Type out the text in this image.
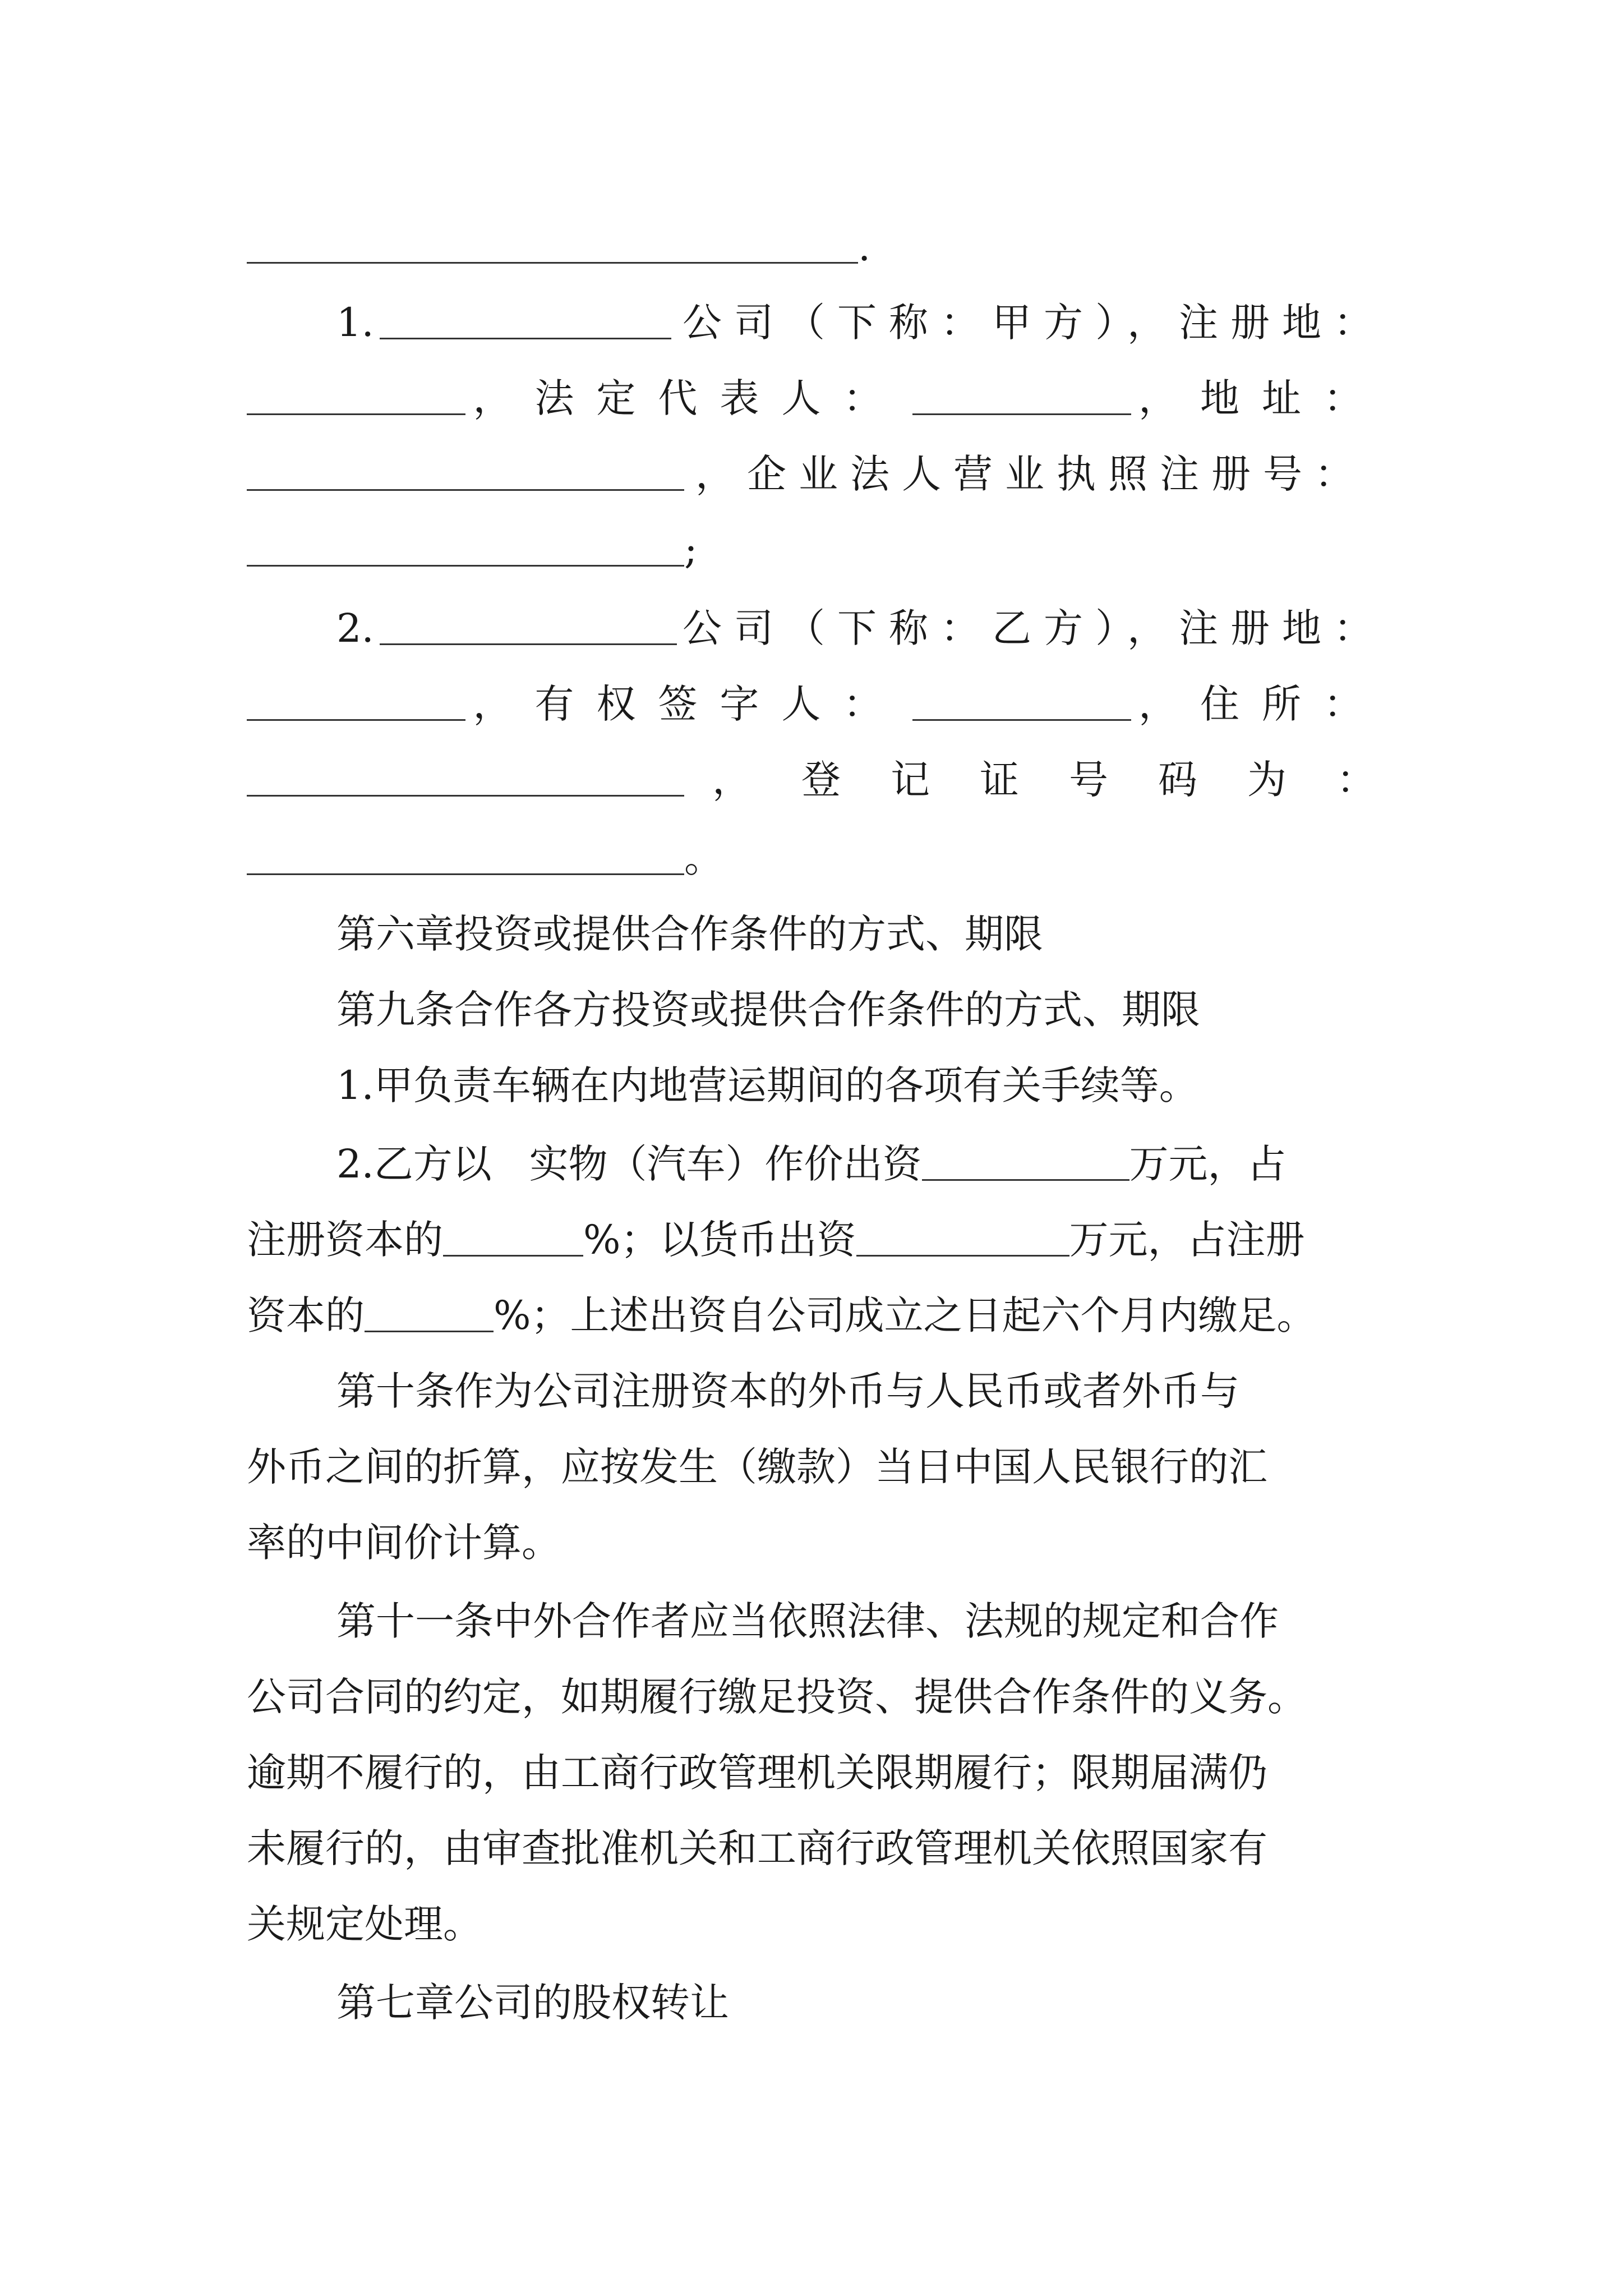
.
1.	公司（下称：甲方），注册地：
，法定代表人：	，地址：
，企业法人营业执照注册号：
;
2.	公司（下称：乙方），注册地：
，有权签字人：	，住所：
，    登    记    证    号    码    为    ：
。
第六章投资或提供合作条件的方式、期限
第九条合作各方投资或提供合作条件的方式、期限
1.甲负责车辆在内地营运期间的各项有关手续等。
2.乙方以   实物（汽车）作价出资	万元，占
注册资本的	%；以货币出资	万元，占注册
资本的	%；上述出资自公司成立之日起六个月内缴足。
第十条作为公司注册资本的外币与人民币或者外币与
外币之间的折算，应按发生（缴款）当日中国人民银行的汇
率的中间价计算。
第十一条中外合作者应当依照法律、法规的规定和合作
公司合同的约定，如期履行缴足投资、提供合作条件的义务。
逾期不履行的，由工商行政管理机关限期履行；限期届满仍
未履行的，由审查批准机关和工商行政管理机关依照国家有
关规定处理。
第七章公司的股权转让
